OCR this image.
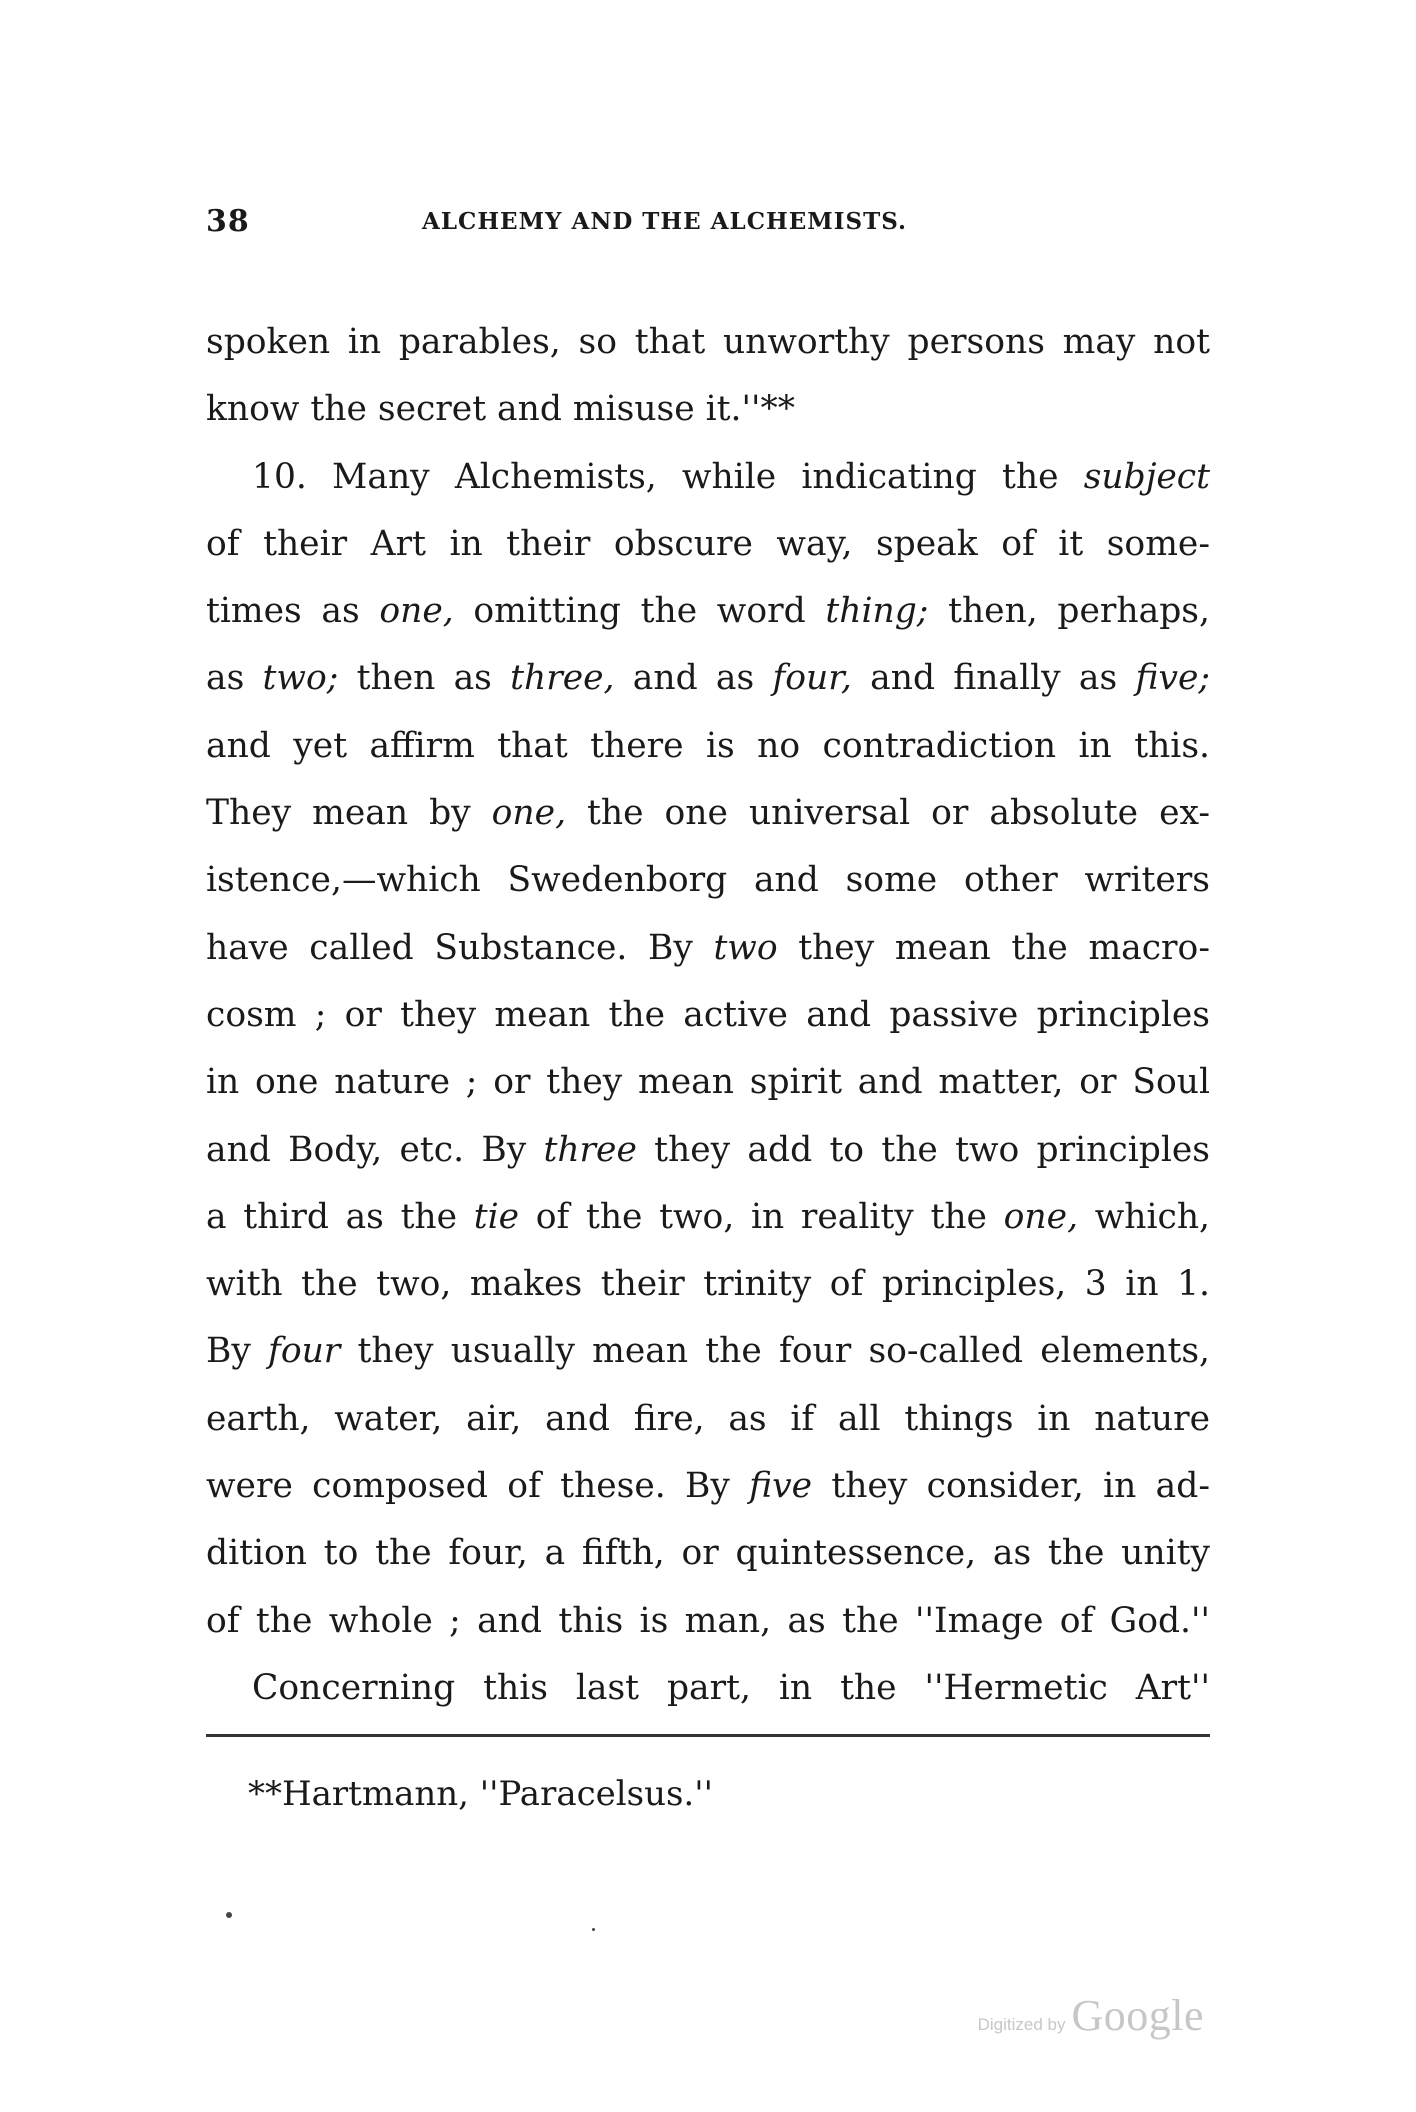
38	ALCHEMY AND THE ALCHEMISTS.
spoken in parables, so that unworthy persons may not
know the secret and misuse it.''**
10. Many Alchemists, while indicating the subject
of their Art in their obscure way, speak of it some-
times as one, omitting the word thing; then, perhaps,
as two; then as three, and as four, and finally as five;
and yet affirm that there is no contradiction in this.
They mean by one, the one universal or absolute ex-
istence,—which Swedenborg and some other writers
have called Substance. By two they mean the macro-
cosm ; or they mean the active and passive principles
in one nature ; or they mean spirit and matter, or Soul
and Body, etc. By three they add to the two principles
a third as the tie of the two, in reality the one, which,
with the two, makes their trinity of principles, 3 in 1.
By four they usually mean the four so-called elements,
earth, water, air, and fire, as if all things in nature
were composed of these. By five they consider, in ad-
dition to the four, a fifth, or quintessence, as the unity
of the whole ; and this is man, as the ''Image of God.''
Concerning this last part, in the ''Hermetic Art''
**Hartmann, ''Paracelsus.''
Digitized by Google
